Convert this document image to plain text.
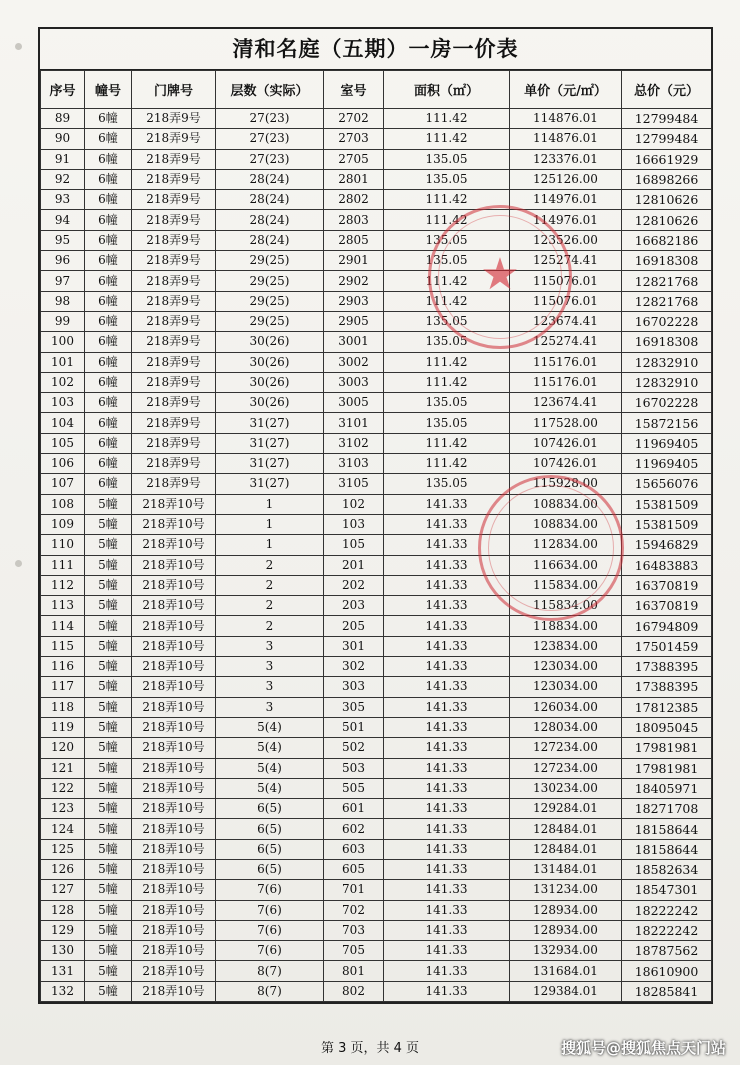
清和名庭（五期）一房一价表
序号	幢号	门牌号	层数（实际）	室号	面积（㎡）	单价（元/㎡）	总价（元）
89	6幢	218弄9号	27(23)	2702	111.42	114876.01	12799484
90	6幢	218弄9号	27(23)	2703	111.42	114876.01	12799484
91	6幢	218弄9号	27(23)	2705	135.05	123376.01	16661929
92	6幢	218弄9号	28(24)	2801	135.05	125126.00	16898266
93	6幢	218弄9号	28(24)	2802	111.42	114976.01	12810626
94	6幢	218弄9号	28(24)	2803	111.42	114976.01	12810626
95	6幢	218弄9号	28(24)	2805	135.05	123526.00	16682186
96	6幢	218弄9号	29(25)	2901	135.05	125274.41	16918308
97	6幢	218弄9号	29(25)	2902	111.42	115076.01	12821768
98	6幢	218弄9号	29(25)	2903	111.42	115076.01	12821768
99	6幢	218弄9号	29(25)	2905	135.05	123674.41	16702228
100	6幢	218弄9号	30(26)	3001	135.05	125274.41	16918308
101	6幢	218弄9号	30(26)	3002	111.42	115176.01	12832910
102	6幢	218弄9号	30(26)	3003	111.42	115176.01	12832910
103	6幢	218弄9号	30(26)	3005	135.05	123674.41	16702228
104	6幢	218弄9号	31(27)	3101	135.05	117528.00	15872156
105	6幢	218弄9号	31(27)	3102	111.42	107426.01	11969405
106	6幢	218弄9号	31(27)	3103	111.42	107426.01	11969405
107	6幢	218弄9号	31(27)	3105	135.05	115928.00	15656076
108	5幢	218弄10号	1	102	141.33	108834.00	15381509
109	5幢	218弄10号	1	103	141.33	108834.00	15381509
110	5幢	218弄10号	1	105	141.33	112834.00	15946829
111	5幢	218弄10号	2	201	141.33	116634.00	16483883
112	5幢	218弄10号	2	202	141.33	115834.00	16370819
113	5幢	218弄10号	2	203	141.33	115834.00	16370819
114	5幢	218弄10号	2	205	141.33	118834.00	16794809
115	5幢	218弄10号	3	301	141.33	123834.00	17501459
116	5幢	218弄10号	3	302	141.33	123034.00	17388395
117	5幢	218弄10号	3	303	141.33	123034.00	17388395
118	5幢	218弄10号	3	305	141.33	126034.00	17812385
119	5幢	218弄10号	5(4)	501	141.33	128034.00	18095045
120	5幢	218弄10号	5(4)	502	141.33	127234.00	17981981
121	5幢	218弄10号	5(4)	503	141.33	127234.00	17981981
122	5幢	218弄10号	5(4)	505	141.33	130234.00	18405971
123	5幢	218弄10号	6(5)	601	141.33	129284.01	18271708
124	5幢	218弄10号	6(5)	602	141.33	128484.01	18158644
125	5幢	218弄10号	6(5)	603	141.33	128484.01	18158644
126	5幢	218弄10号	6(5)	605	141.33	131484.01	18582634
127	5幢	218弄10号	7(6)	701	141.33	131234.00	18547301
128	5幢	218弄10号	7(6)	702	141.33	128934.00	18222242
129	5幢	218弄10号	7(6)	703	141.33	128934.00	18222242
130	5幢	218弄10号	7(6)	705	141.33	132934.00	18787562
131	5幢	218弄10号	8(7)	801	141.33	131684.01	18610900
132	5幢	218弄10号	8(7)	802	141.33	129384.01	18285841
★
第 3 页，共 4 页	搜狐号@搜狐焦点天门站
